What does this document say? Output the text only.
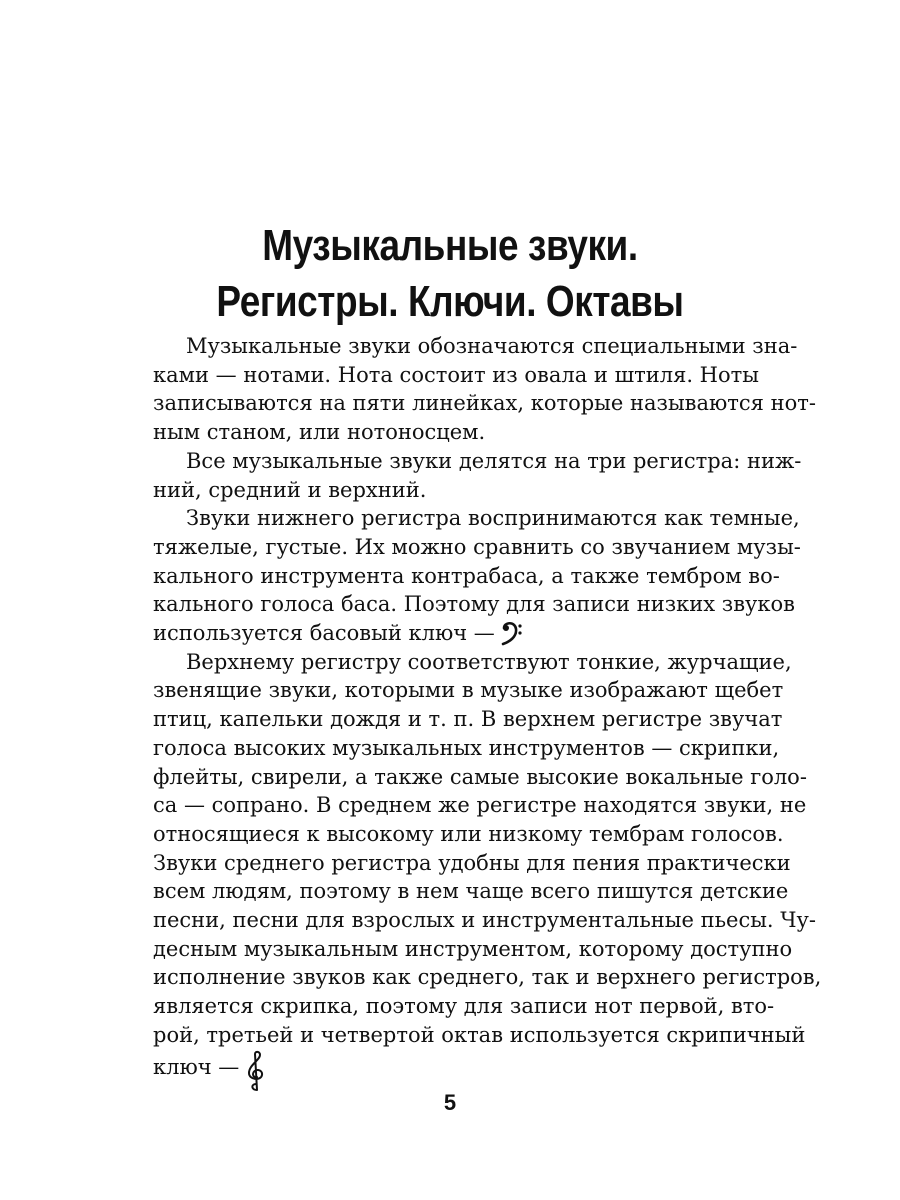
Музыкальные звуки.
Регистры. Ключи. Октавы

Музыкальные звуки обозначаются специальными зна-
ками — нотами. Нота состоит из овала и штиля. Ноты
записываются на пяти линейках, которые называются нот-
ным станом, или нотоносцем.

Все музыкальные звуки делятся на три регистра: ниж-
ний, средний и верхний.

Звуки нижнего регистра воспринимаются как темные,
тяжелые, густые. Их можно сравнить со звучанием музы-
кального инструмента контрабаса, а также тембром во-
кального голоса баса. Поэтому для записи низких звуков
используется басовый ключ —

Верхнему регистру соответствуют тонкие, журчащие,
звенящие звуки, которыми в музыке изображают щебет
птиц, капельки дождя и т. п. В верхнем регистре звучат
голоса высоких музыкальных инструментов — скрипки,
флейты, свирели, а также самые высокие вокальные голо-
са — сопрано. В среднем же регистре находятся звуки, не
относящиеся к высокому или низкому тембрам голосов.
Звуки среднего регистра удобны для пения практически
всем людям, поэтому в нем чаще всего пишутся детские
песни, песни для взрослых и инструментальные пьесы. Чу-
десным музыкальным инструментом, которому доступно
исполнение звуков как среднего, так и верхнего регистров,
является скрипка, поэтому для записи нот первой, вто-
рой, третьей и четвертой октав используется скрипичный
ключ —

5
